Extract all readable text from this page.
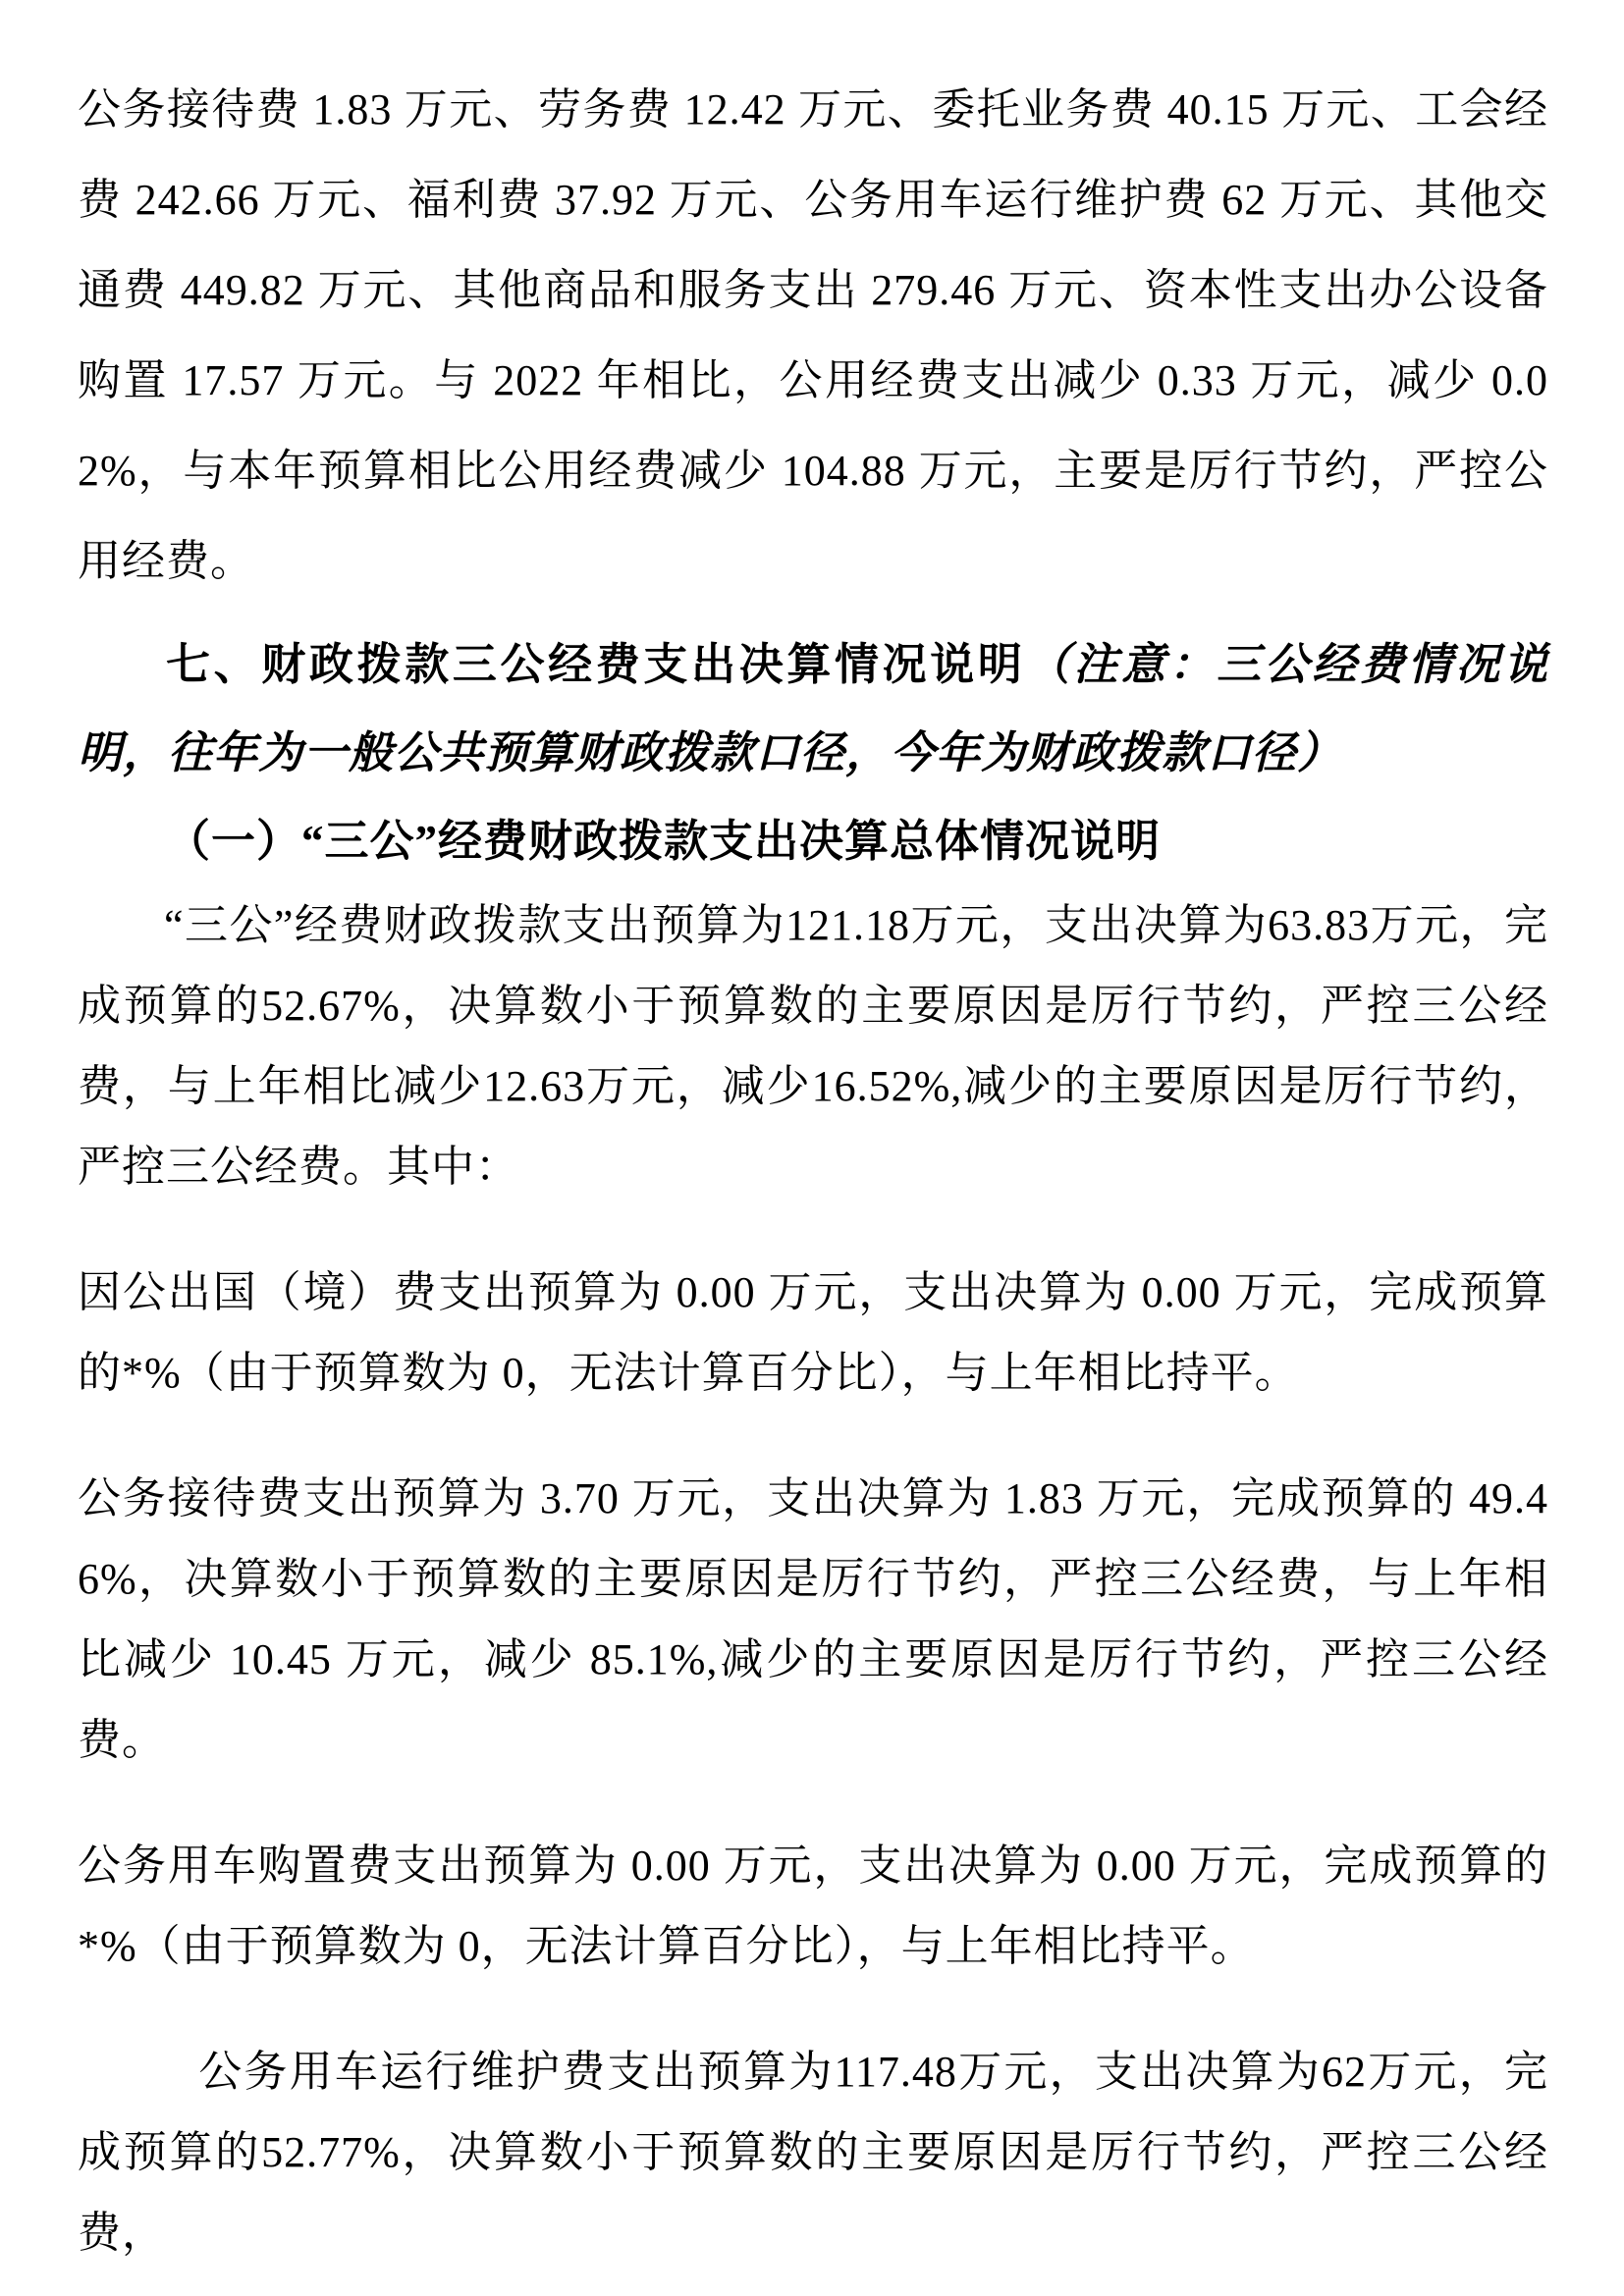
公务接待费 1.83 万元、劳务费 12.42 万元、委托业务费 40.15 万元、工会经费 242.66 万元、福利费 37.92 万元、公务用车运行维护费 62 万元、其他交通费 449.82 万元、其他商品和服务支出 279.46 万元、资本性支出办公设备购置 17.57 万元。与 2022 年相比，公用经费支出减少 0.33 万元，减少 0.02%，与本年预算相比公用经费减少 104.88 万元，主要是厉行节约，严控公用经费。

七、财政拨款三公经费支出决算情况说明（注意：三公经费情况说明，往年为一般公共预算财政拨款口径，今年为财政拨款口径）

（一）“三公”经费财政拨款支出决算总体情况说明

“三公”经费财政拨款支出预算为121.18万元，支出决算为63.83万元，完成预算的52.67%，决算数小于预算数的主要原因是厉行节约，严控三公经费，与上年相比减少12.63万元，减少16.52%,减少的主要原因是厉行节约，严控三公经费。其中：

因公出国（境）费支出预算为 0.00 万元，支出决算为 0.00 万元，完成预算的*%（由于预算数为 0，无法计算百分比），与上年相比持平。

公务接待费支出预算为 3.70 万元，支出决算为 1.83 万元，完成预算的 49.46%，决算数小于预算数的主要原因是厉行节约，严控三公经费，与上年相比减少 10.45 万元，减少 85.1%,减少的主要原因是厉行节约，严控三公经费。

公务用车购置费支出预算为 0.00 万元，支出决算为 0.00 万元，完成预算的*%（由于预算数为 0，无法计算百分比），与上年相比持平。

公务用车运行维护费支出预算为117.48万元，支出决算为62万元，完成预算的52.77%，决算数小于预算数的主要原因是厉行节约，严控三公经费，
